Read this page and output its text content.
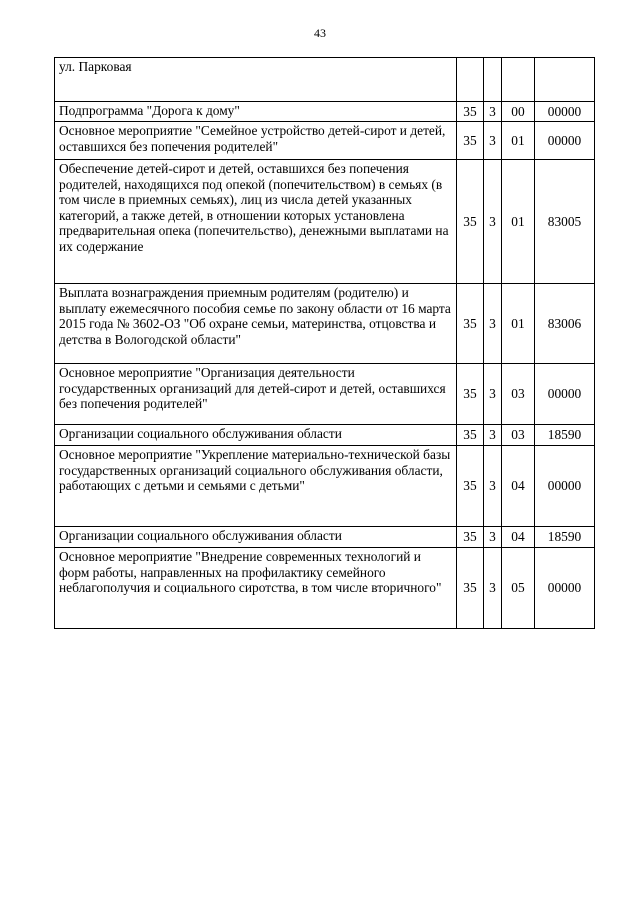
43
ул. Парковая				
Подпрограмма "Дорога к дому"	35	3	00	00000
Основное мероприятие "Семейное устройство детей-сирот и детей, оставшихся без попечения родителей"	35	3	01	00000
Обеспечение детей-сирот и детей, оставшихся без попечения родителей, находящихся под опекой (попечительством) в семьях (в том числе в приемных семьях), лиц из числа детей указанных категорий, а также детей, в отношении которых установлена предварительная опека (попечительство), денежными выплатами на их содержание	35	3	01	83005
Выплата вознаграждения приемным родителям (родителю) и выплату ежемесячного пособия семье по закону области от 16 марта 2015 года № 3602-ОЗ "Об охране семьи, материнства, отцовства и детства в Вологодской области"	35	3	01	83006
Основное мероприятие "Организация деятельности государственных организаций для детей-сирот и детей, оставшихся без попечения родителей"	35	3	03	00000
Организации социального обслуживания области	35	3	03	18590
Основное мероприятие "Укрепление материально-технической базы государственных организаций социального обслуживания области, работающих с детьми и семьями с детьми"	35	3	04	00000
Организации социального обслуживания области	35	3	04	18590
Основное мероприятие "Внедрение современных технологий и форм работы, направленных на профилактику семейного неблагополучия и социального сиротства, в том числе вторичного"	35	3	05	00000
